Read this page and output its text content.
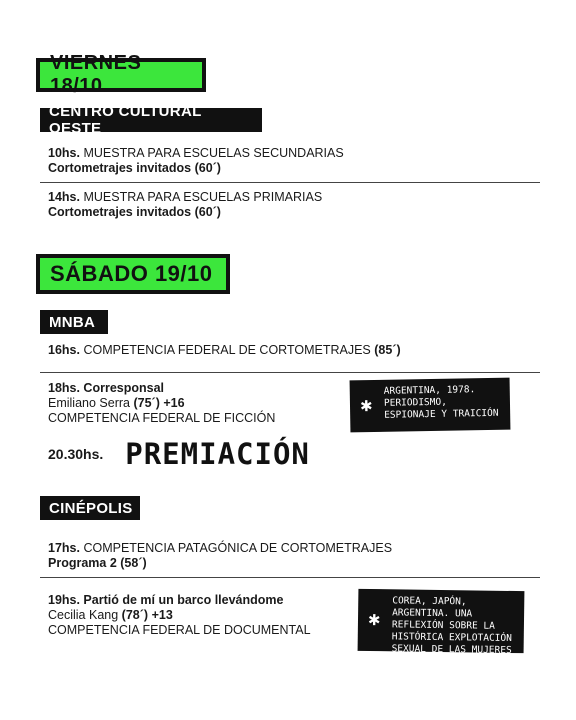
VIERNES 18/10
CENTRO CULTURAL OESTE
10hs. MUESTRA PARA ESCUELAS SECUNDARIAS
Cortometrajes invitados (60´)
14hs. MUESTRA PARA ESCUELAS PRIMARIAS
Cortometrajes invitados (60´)
SÁBADO 19/10
MNBA
16hs. COMPETENCIA FEDERAL DE CORTOMETRAJES (85´)
18hs. Corresponsal
Emiliano Serra (75´) +16
COMPETENCIA FEDERAL DE FICCIÓN
✱
ARGENTINA, 1978. PERIODISMO, ESPIONAJE Y TRAICIÓN
20.30hs. PREMIACIÓN
CINÉPOLIS
17hs. COMPETENCIA PATAGÓNICA DE CORTOMETRAJES
Programa 2 (58´)
19hs. Partió de mí un barco llevándome
Cecilia Kang (78´) +13
COMPETENCIA FEDERAL DE DOCUMENTAL
✱
COREA, JAPÓN, ARGENTINA. UNA REFLEXIÓN SOBRE LA HISTÓRICA EXPLOTACIÓN SEXUAL DE LAS MUJERES
